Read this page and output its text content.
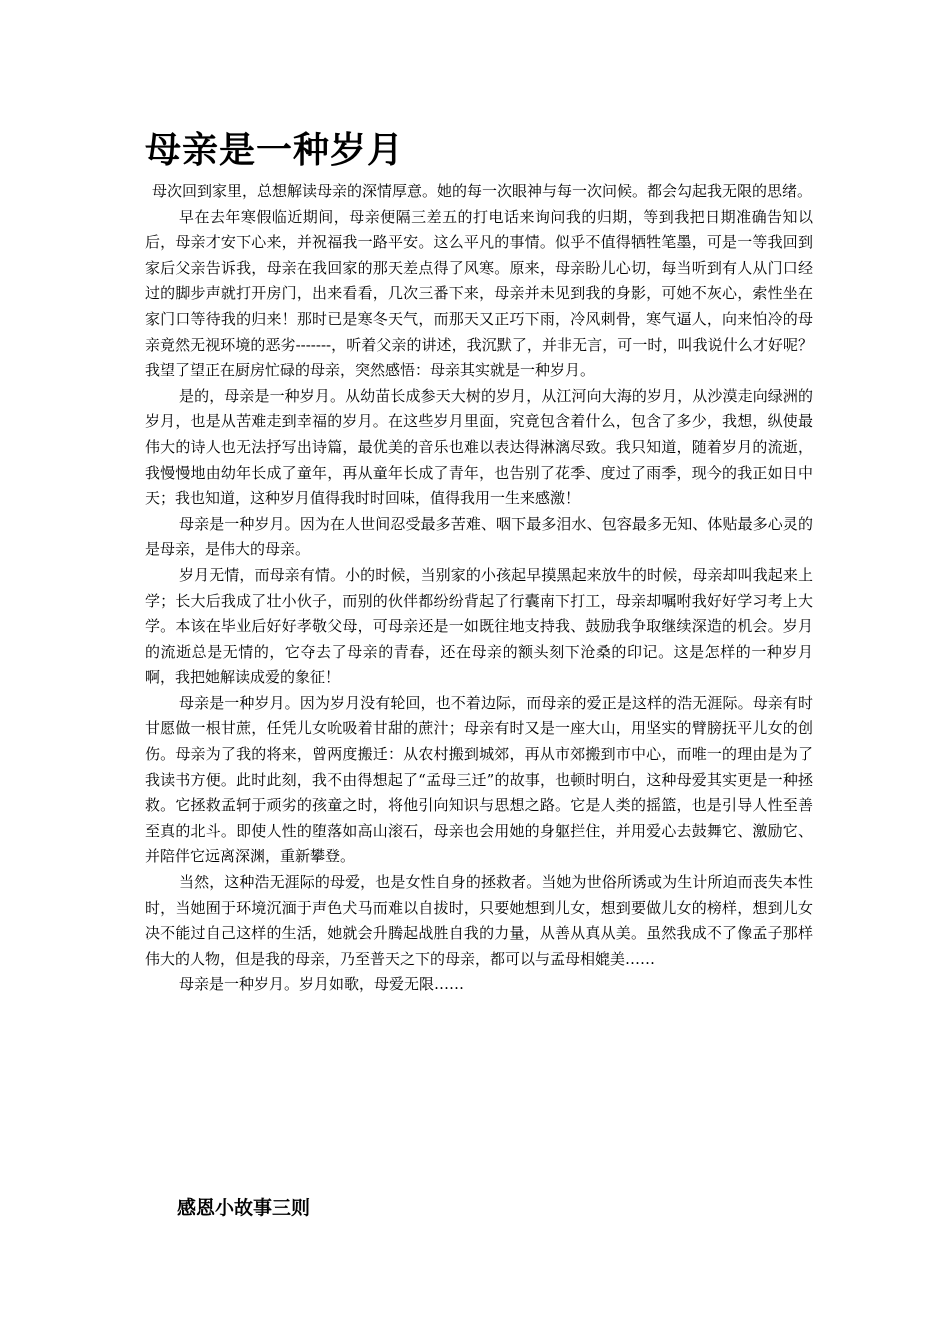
母亲是一种岁月

母次回到家里，总想解读母亲的深情厚意。她的每一次眼神与每一次问候。都会勾起我无限的思绪。

早在去年寒假临近期间，母亲便隔三差五的打电话来询问我的归期，等到我把日期准确告知以后，母亲才安下心来，并祝福我一路平安。这么平凡的事情。似乎不值得牺牲笔墨，可是一等我回到家后父亲告诉我，母亲在我回家的那天差点得了风寒。原来，母亲盼儿心切，每当听到有人从门口经过的脚步声就打开房门，出来看看，几次三番下来，母亲并未见到我的身影，可她不灰心，索性坐在家门口等待我的归来！那时已是寒冬天气，而那天又正巧下雨，冷风刺骨，寒气逼人，向来怕冷的母亲竟然无视环境的恶劣-------，听着父亲的讲述，我沉默了，并非无言，可一时，叫我说什么才好呢？我望了望正在厨房忙碌的母亲，突然感悟：母亲其实就是一种岁月。

是的，母亲是一种岁月。从幼苗长成参天大树的岁月，从江河向大海的岁月，从沙漠走向绿洲的岁月，也是从苦难走到幸福的岁月。在这些岁月里面，究竟包含着什么，包含了多少，我想，纵使最伟大的诗人也无法抒写出诗篇，最优美的音乐也难以表达得淋漓尽致。我只知道，随着岁月的流逝，我慢慢地由幼年长成了童年，再从童年长成了青年，也告别了花季、度过了雨季，现今的我正如日中天；我也知道，这种岁月值得我时时回味，值得我用一生来感激！

母亲是一种岁月。因为在人世间忍受最多苦难、咽下最多泪水、包容最多无知、体贴最多心灵的是母亲，是伟大的母亲。

岁月无情，而母亲有情。小的时候，当别家的小孩起早摸黑起来放牛的时候，母亲却叫我起来上学；长大后我成了壮小伙子，而别的伙伴都纷纷背起了行囊南下打工，母亲却嘱咐我好好学习考上大学。本该在毕业后好好孝敬父母，可母亲还是一如既往地支持我、鼓励我争取继续深造的机会。岁月的流逝总是无情的，它夺去了母亲的青春，还在母亲的额头刻下沧桑的印记。这是怎样的一种岁月啊，我把她解读成爱的象征！

母亲是一种岁月。因为岁月没有轮回，也不着边际，而母亲的爱正是这样的浩无涯际。母亲有时甘愿做一根甘蔗，任凭儿女吮吸着甘甜的蔗汁；母亲有时又是一座大山，用坚实的臂膀抚平儿女的创伤。母亲为了我的将来，曾两度搬迁：从农村搬到城郊，再从市郊搬到市中心，而唯一的理由是为了我读书方便。此时此刻，我不由得想起了“孟母三迁”的故事，也顿时明白，这种母爱其实更是一种拯救。它拯救孟轲于顽劣的孩童之时，将他引向知识与思想之路。它是人类的摇篮，也是引导人性至善至真的北斗。即使人性的堕落如高山滚石，母亲也会用她的身躯拦住，并用爱心去鼓舞它、激励它、并陪伴它远离深渊，重新攀登。

当然，这种浩无涯际的母爱，也是女性自身的拯救者。当她为世俗所诱或为生计所迫而丧失本性时，当她囿于环境沉湎于声色犬马而难以自拔时，只要她想到儿女，想到要做儿女的榜样，想到儿女决不能过自己这样的生活，她就会升腾起战胜自我的力量，从善从真从美。虽然我成不了像孟子那样伟大的人物，但是我的母亲，乃至普天之下的母亲，都可以与孟母相媲美……

母亲是一种岁月。岁月如歌，母爱无限……

感恩小故事三则
